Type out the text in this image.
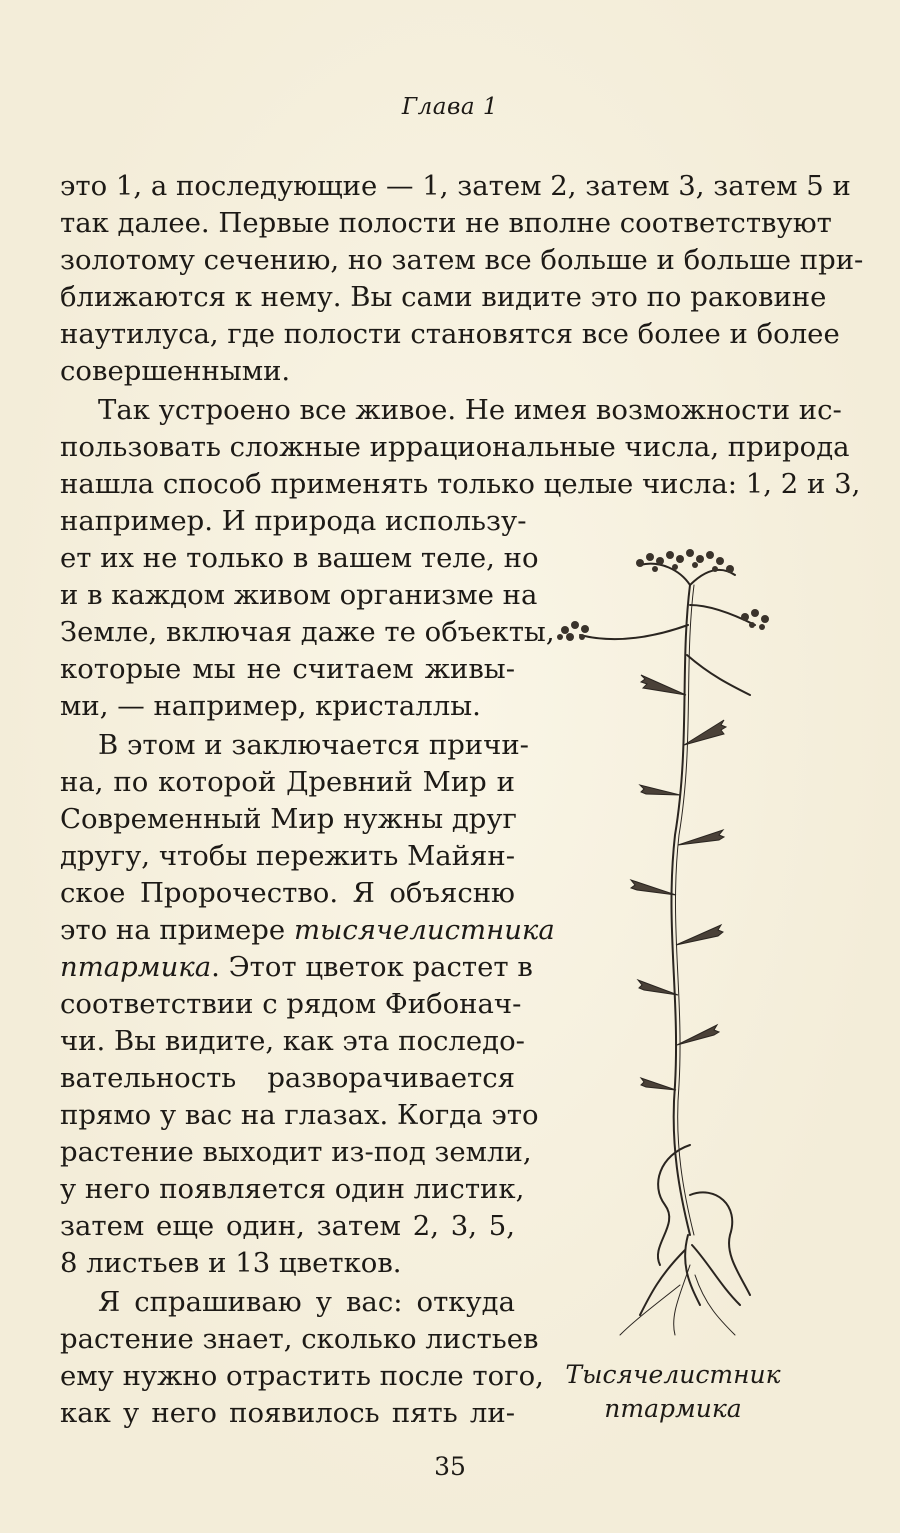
Глава 1
это 1, а последующие — 1, затем 2, затем 3, затем 5 и
так далее. Первые полости не вполне соответствуют
золотому сечению, но затем все больше и больше при-
ближаются к нему. Вы сами видите это по раковине
наутилуса, где полости становятся все более и более
совершенными.
Так устроено все живое. Не имея возможности ис-
пользовать сложные иррациональные числа, природа
нашла способ применять только целые числа: 1, 2 и 3,
например. И природа использу-
ет их не только в вашем теле, но
и в каждом живом организме на
Земле, включая даже те объекты,
которые мы не считаем живы-
ми, — например, кристаллы.
В этом и заключается причи-
на, по которой Древний Мир и
Современный Мир нужны друг
другу, чтобы пережить Майян-
ское Пророчество. Я объясню
это на примере тысячелистника
птармика. Этот цветок растет в
соответствии с рядом Фибонач-
чи. Вы видите, как эта последо-
вательность разворачивается
прямо у вас на глазах. Когда это
растение выходит из-под земли,
у него появляется один листик,
затем еще один, затем 2, 3, 5,
8 листьев и 13 цветков.
Я спрашиваю у вас: откуда
растение знает, сколько листьев
ему нужно отрастить после того,
как у него появилось пять ли-
Тысячелистник
птармика
35
